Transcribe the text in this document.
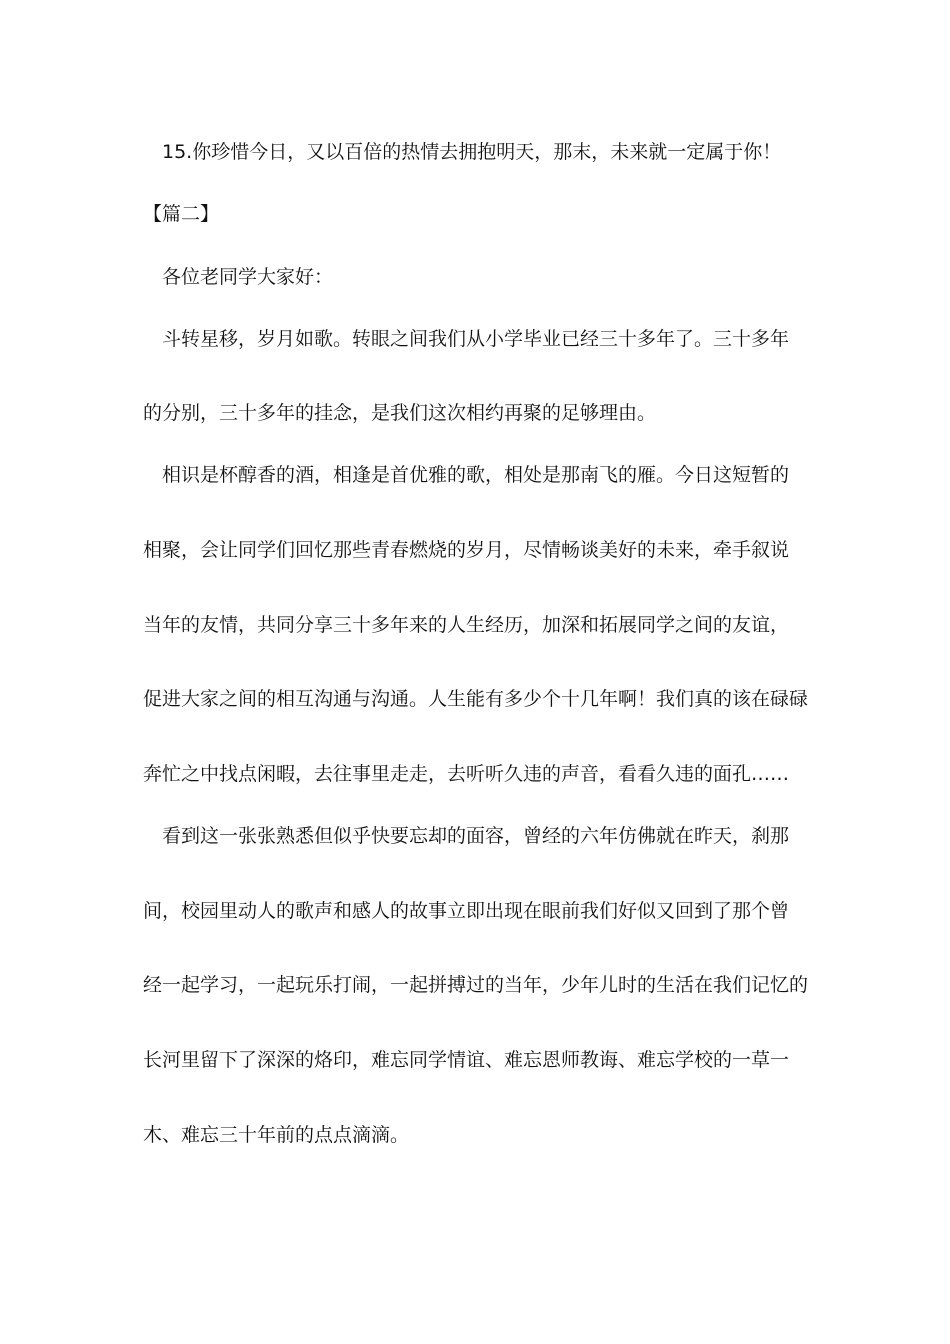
15.你珍惜今日，又以百倍的热情去拥抱明天，那末，未来就一定属于你！
【篇二】
各位老同学大家好：
斗转星移，岁月如歌。转眼之间我们从小学毕业已经三十多年了。三十多年
的分别，三十多年的挂念，是我们这次相约再聚的足够理由。
相识是杯醇香的酒，相逢是首优雅的歌，相处是那南飞的雁。今日这短暂的
相聚，会让同学们回忆那些青春燃烧的岁月，尽情畅谈美好的未来，牵手叙说
当年的友情，共同分享三十多年来的人生经历，加深和拓展同学之间的友谊，
促进大家之间的相互沟通与沟通。人生能有多少个十几年啊！我们真的该在碌碌
奔忙之中找点闲暇，去往事里走走，去听听久违的声音，看看久违的面孔……
看到这一张张熟悉但似乎快要忘却的面容，曾经的六年仿佛就在昨天，刹那
间，校园里动人的歌声和感人的故事立即出现在眼前我们好似又回到了那个曾
经一起学习，一起玩乐打闹，一起拼搏过的当年，少年儿时的生活在我们记忆的
长河里留下了深深的烙印，难忘同学情谊、难忘恩师教诲、难忘学校的一草一
木、难忘三十年前的点点滴滴。
